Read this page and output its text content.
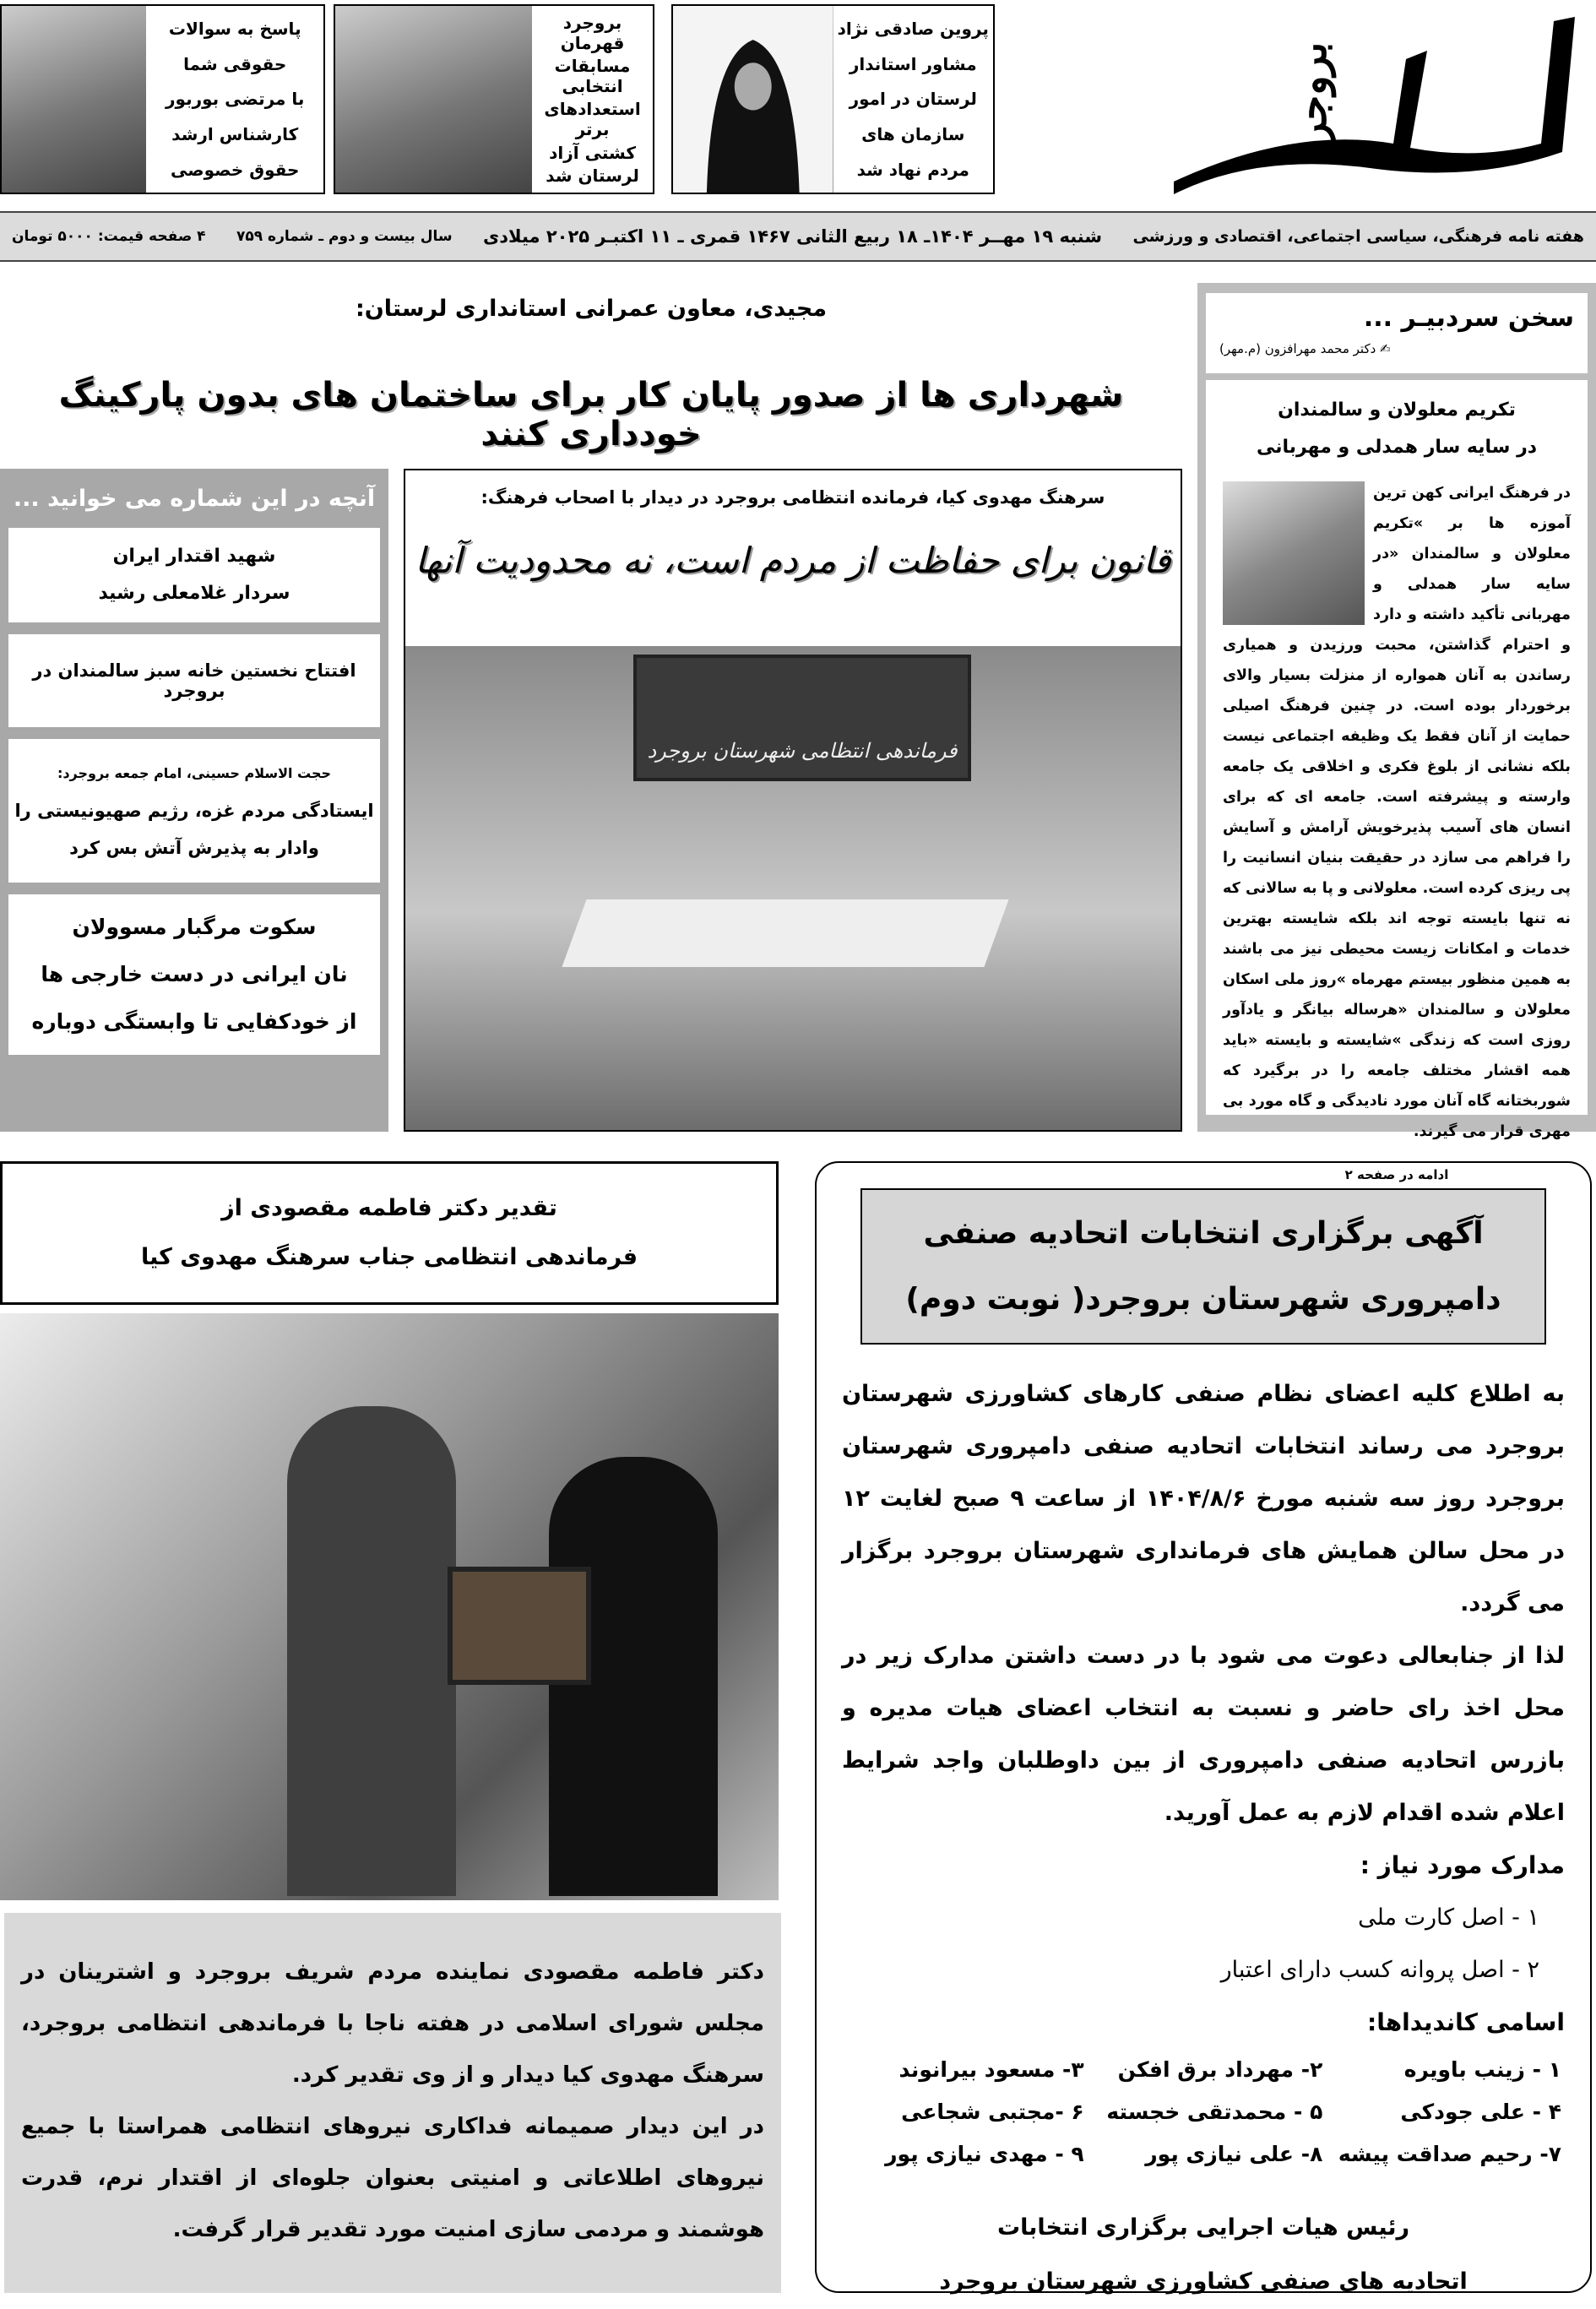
بروجرد
پروین صادقی نژاد
مشاور استاندار
لرستان در امور
سازمان های
مردم نهاد شد
بروجرد قهرمان
مسابقات انتخابی
استعدادهای برتر
کشتی آزاد
لرستان شد
پاسخ به سوالات
حقوقی شما
با مرتضی بوربور
کارشناس ارشد
حقوق خصوصی
هفته نامه فرهنگی، سیاسی اجتماعی، اقتصادی و ورزشی
شنبه ۱۹ مهــر ۱۴۰۴ـ ۱۸ ربیع الثانی ۱۴۶۷ قمری ـ ۱۱ اکتبـر ۲۰۲۵ میلادی
سال بیست و دوم ـ شماره ۷۵۹
۴ صفحه قیمت: ۵۰۰۰ تومان
مجیدی، معاون عمرانی استانداری لرستان:
شهرداری ها از صدور پایان کار برای ساختمان های بدون پارکینگ خودداری کنند
سخن سردبیـر ...
✍ دکتر محمد مهرافزون (م.مهر)
تکریم معلولان و سالمندان
در سایه سار همدلی و مهربانی
در فرهنگ ایرانی کهن ترین آموزه ها بر »تکریم معلولان و سالمندان «در سایه سار همدلی و مهربانی تأکید داشته و دارد و احترام گذاشتن، محبت ورزیدن و همیاری رساندن به آنان همواره از منزلت بسیار والای برخوردار بوده است. در چنین فرهنگ اصیلی حمایت از آنان فقط یک وظیفه اجتماعی نیست بلکه نشانی از بلوغ فکری و اخلاقی یک جامعه وارسته و پیشرفته است. جامعه ای که برای انسان های آسیب پذیرخویش آرامش و آسایش را فراهم می سازد در حقیقت بنیان انسانیت را پی ریزی کرده است. معلولانی و پا به سالانی که نه تنها بایسته توجه اند بلکه شایسته بهترین خدمات و امکانات زیست محیطی نیز می باشند به همین منظور بیستم مهرماه »روز ملی اسکان معلولان و سالمندان «هرساله بیانگر و یادآور روزی است که زندگی »شایسته و بایسته «باید همه اقشار مختلف جامعه را در برگیرد که شوربختانه گاه آنان مورد نادیدگی و گاه مورد بی مهری قرار می گیرند.
ادامه در صفحه ۲
آنچه در این شماره می خوانید ...
شهید اقتدار ایران
سردار غلامعلی رشید
افتتاح نخستین خانه سبز سالمندان در بروجرد
حجت الاسلام حسینی، امام جمعه بروجرد:
ایستادگی مردم غزه، رژیم صهیونیستی را
وادار به پذیرش آتش بس کرد
سکوت مرگبار مسوولان
نان ایرانی در دست خارجی ها
از خودکفایی تا وابستگی دوباره
سرهنگ مهدوی کیا، فرمانده انتظامی بروجرد در دیدار با اصحاب فرهنگ:
قانون برای حفاظت از مردم است، نه محدودیت آنها
فرماندهی انتظامی شهرستان بروجرد
تقدیر دکتر فاطمه مقصودی از
فرماندهی انتظامی جناب سرهنگ مهدوی کیا

دکتر فاطمه مقصودی نماینده مردم شریف بروجرد و اشترینان در مجلس شورای اسلامی در هفته ناجا با فرماندهی انتظامی بروجرد، سرهنگ مهدوی کیا دیدار و از وی تقدیر کرد.

در این دیدار صمیمانه فداکاری نیروهای انتظامی همراستا با جمیع نیروهای اطلاعاتی و امنیتی بعنوان جلوه‌ای از اقتدار نرم، قدرت هوشمند و مردمی سازی امنیت مورد تقدیر قرار گرفت.

آگهی برگزاری انتخابات اتحادیه صنفی
دامپروری شهرستان بروجرد( نوبت دوم)

به اطلاع کلیه اعضای نظام صنفی کارهای کشاورزی شهرستان بروجرد می رساند انتخابات اتحادیه صنفی دامپروری شهرستان بروجرد روز سه شنبه مورخ ۱۴۰۴/۸/۶ از ساعت ۹ صبح لغایت ۱۲ در محل سالن همایش های فرمانداری شهرستان بروجرد برگزار می گردد.

لذا از جنابعالی دعوت می شود با در دست داشتن مدارک زیر در محل اخذ رای حاضر و نسبت به انتخاب اعضای هیات مدیره و بازرس اتحادیه صنفی دامپروری از بین داوطلبان واجد شرایط اعلام شده اقدام لازم به عمل آورید.

مدارک مورد نیاز :

۱ - اصل کارت ملی

۲ - اصل پروانه کسب دارای اعتبار

اسامی کاندیداها:

۱ - زینب باویره
۲- مهرداد برق افکن
۳- مسعود بیرانوند
۴ - علی جودکی
۵ - محمدتقی خجسته
۶ -مجتبی شجاعی
۷- رحیم صداقت پیشه
۸- علی نیازی پور
۹ - مهدی نیازی پور
رئیس هیات اجرایی برگزاری انتخابات
اتحادیه های صنفی کشاورزی شهرستان بروجرد
